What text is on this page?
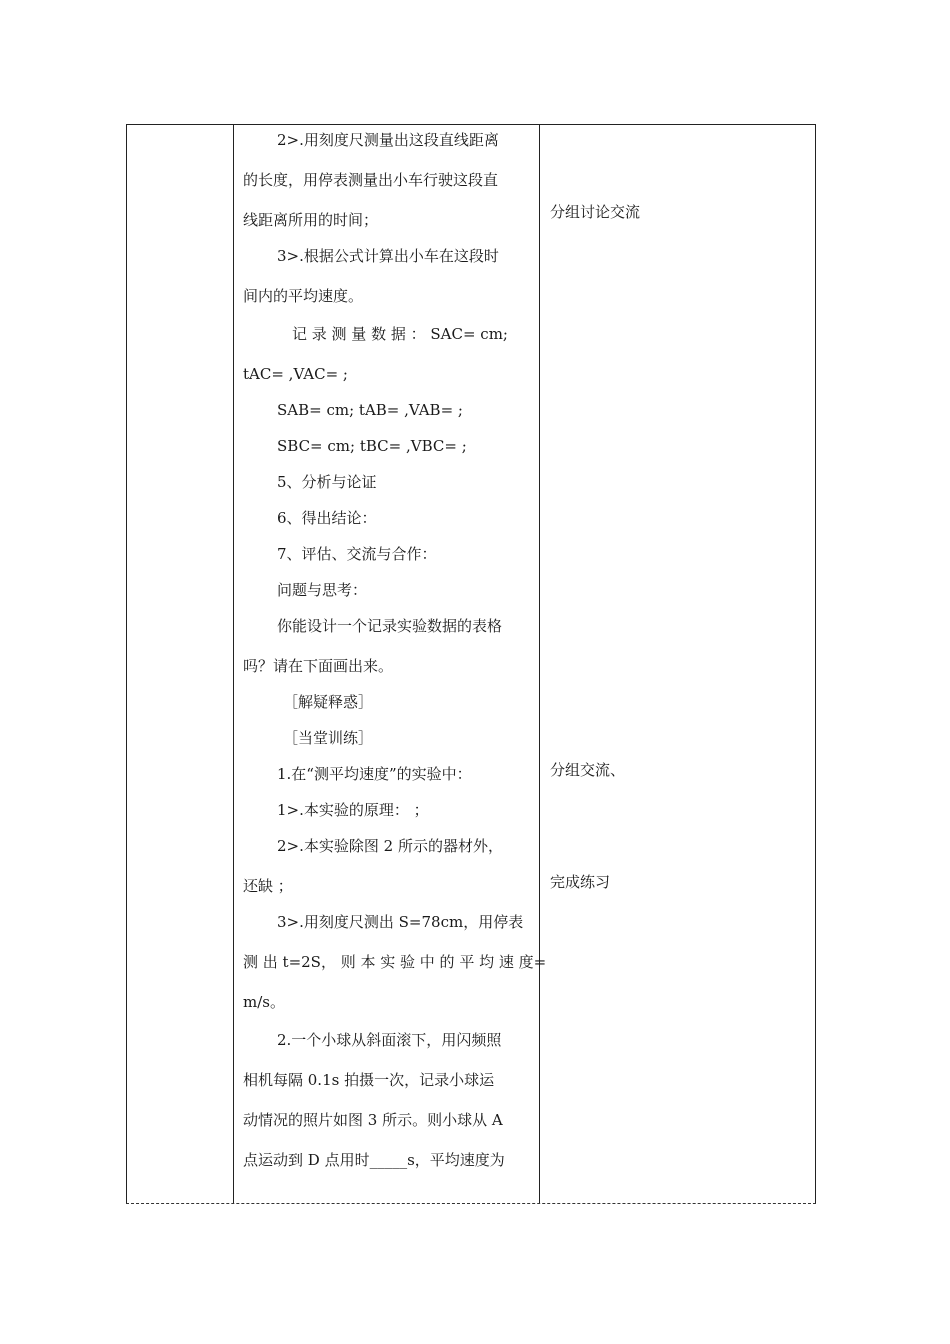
2>.用刻度尺测量出这段直线距离
的长度，用停表测量出小车行驶这段直
线距离所用的时间；
3>.根据公式计算出小车在这段时
间内的平均速度。
记 录 测 量 数 据 ： SAC= cm;
tAC= ,VAC= ;
SAB= cm; tAB= ,VAB= ;
SBC= cm; tBC= ,VBC= ;
5、分析与论证
6、得出结论：
7、评估、交流与合作：
问题与思考：
你能设计一个记录实验数据的表格
吗？请在下面画出来。
［解疑释惑］
［当堂训练］
1.在“测平均速度”的实验中：
1>.本实验的原理： ；
2>.本实验除图 2 所示的器材外，
还缺 ；
3>.用刻度尺测出 S=78cm，用停表
测 出 t=2S， 则 本 实 验 中 的 平 均 速 度=
m/s。
2.一个小球从斜面滚下，用闪频照
相机每隔 0.1s 拍摄一次，记录小球运
动情况的照片如图 3 所示。则小球从 A
点运动到 D 点用时_____s，平均速度为
分组讨论交流
分组交流、
完成练习
